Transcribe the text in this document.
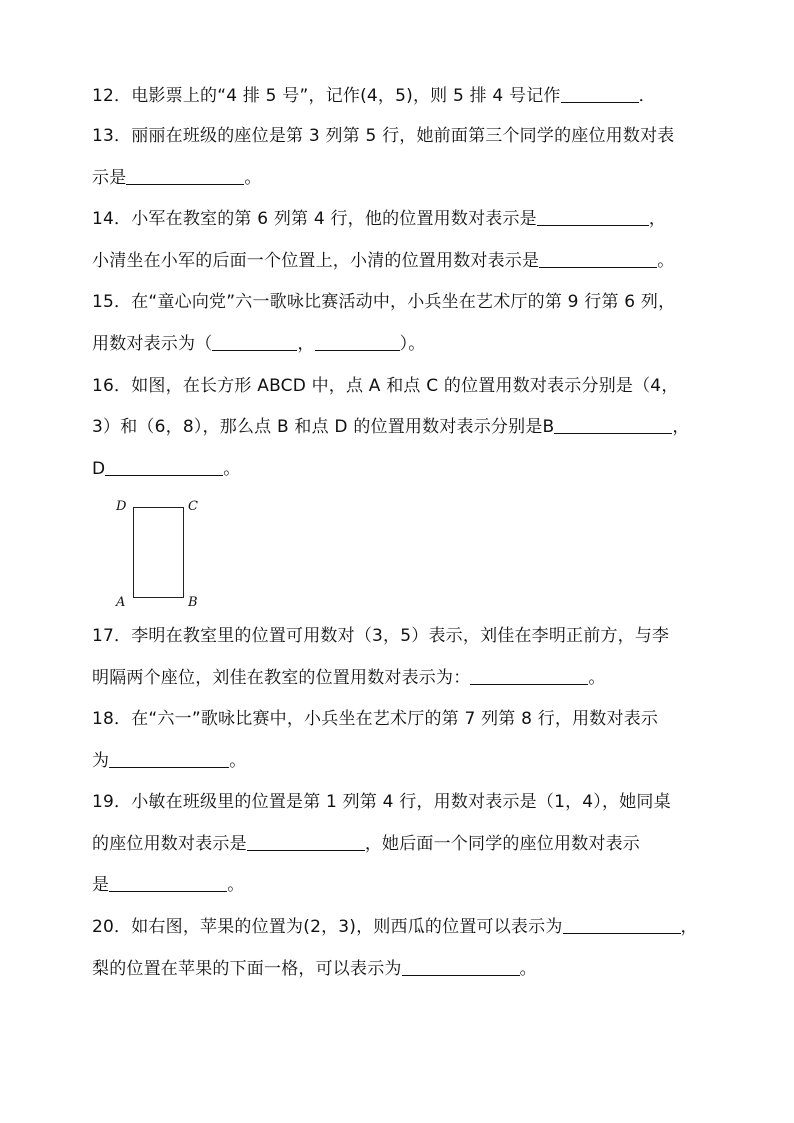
12．电影票上的“4 排 5 号”，记作(4，5)，则 5 排 4 号记作	．
13．丽丽在班级的座位是第 3 列第 5 行，她前面第三个同学的座位用数对表
示是	。
14．小军在教室的第 6 列第 4 行，他的位置用数对表示是	，
小清坐在小军的后面一个位置上，小清的位置用数对表示是	。
15．在“童心向党”六一歌咏比赛活动中，小兵坐在艺术厅的第 9 行第 6 列，
用数对表示为（	，	）。
16．如图，在长方形 ABCD 中，点 A 和点 C 的位置用数对表示分别是（4，
3）和（6，8），那么点 B 和点 D 的位置用数对表示分别是B	，
D	。
D	C
A	B
17．李明在教室里的位置可用数对（3，5）表示，刘佳在李明正前方，与李
明隔两个座位，刘佳在教室的位置用数对表示为：	。
18．在“六一”歌咏比赛中，小兵坐在艺术厅的第 7 列第 8 行，用数对表示
为	。
19．小敏在班级里的位置是第 1 列第 4 行，用数对表示是（1，4），她同桌
的座位用数对表示是	，她后面一个同学的座位用数对表示
是	。
20．如右图，苹果的位置为(2，3)，则西瓜的位置可以表示为	，
梨的位置在苹果的下面一格，可以表示为	。
